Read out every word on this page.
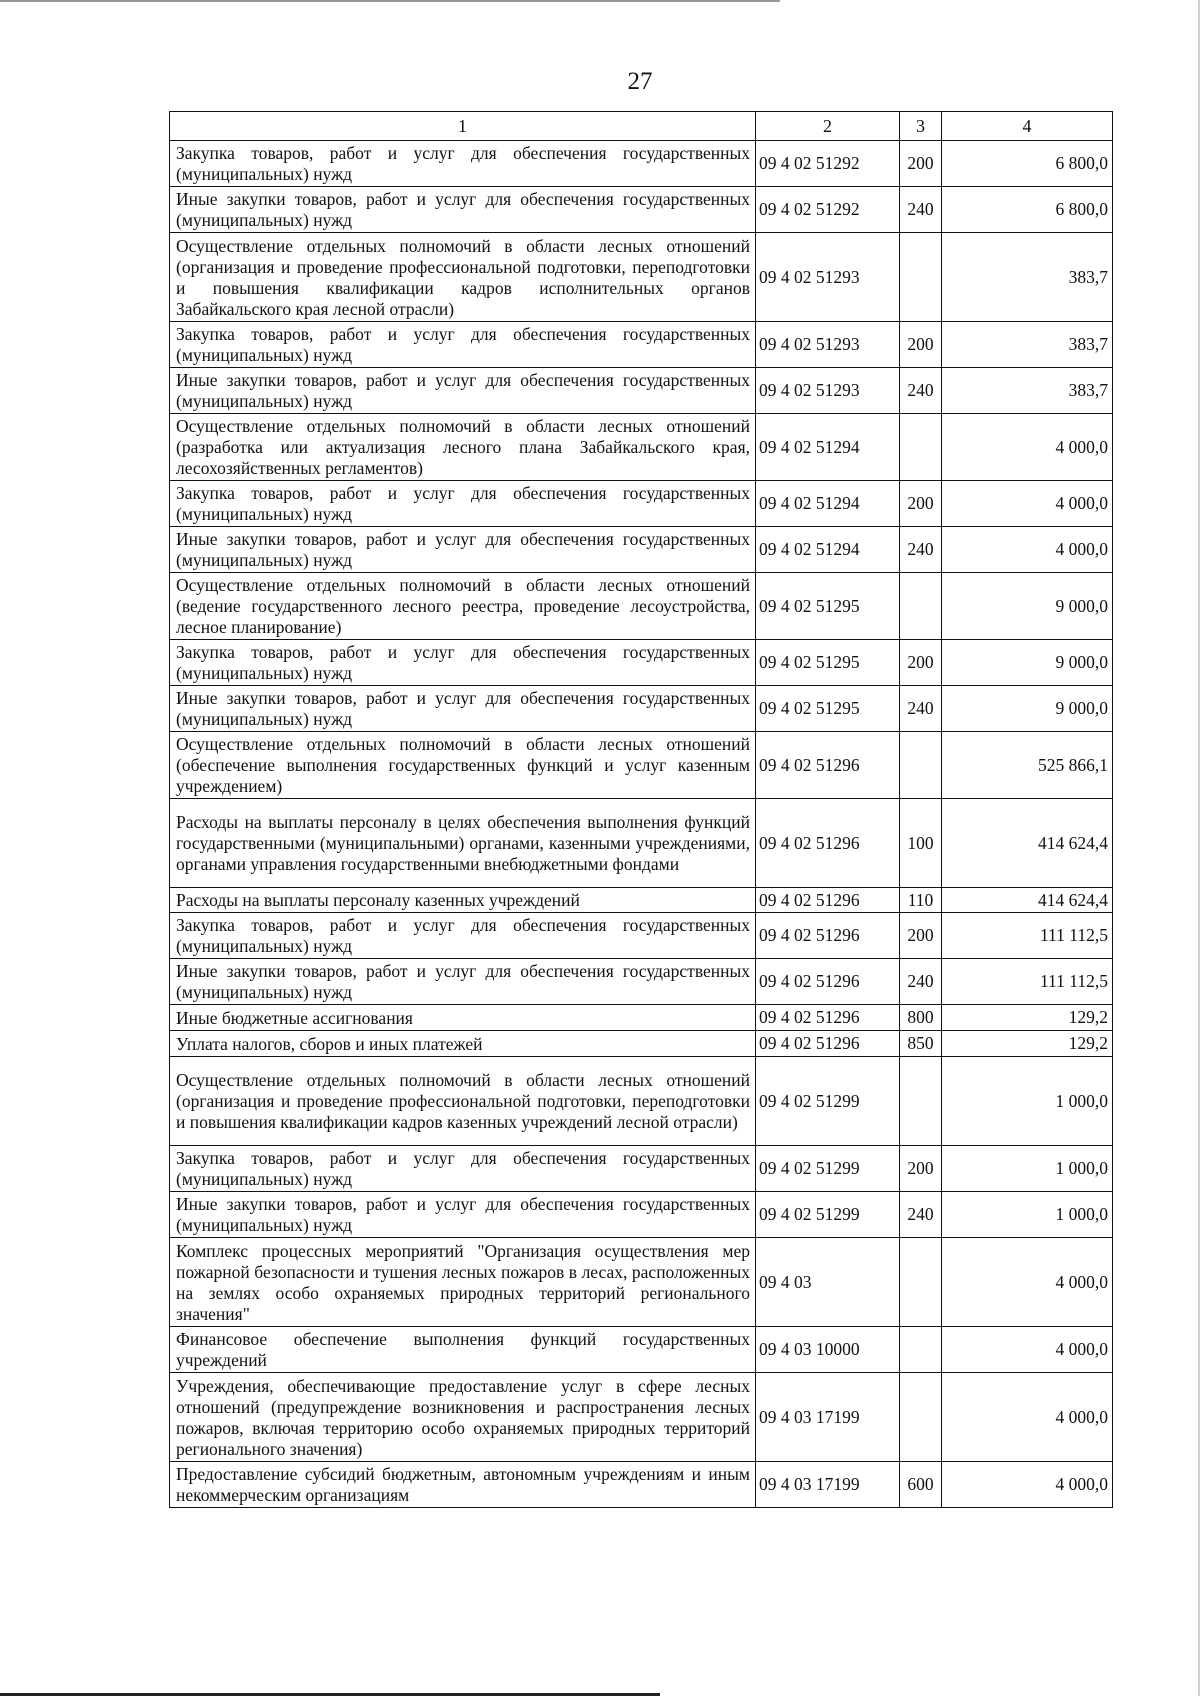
27
1	2	3	4
Закупка товаров, работ и услуг для обеспечения государственных (муниципальных) нужд	09 4 02 51292	200	6 800,0
Иные закупки товаров, работ и услуг для обеспечения государственных (муниципальных) нужд	09 4 02 51292	240	6 800,0
Осуществление отдельных полномочий в области лесных отношений (организация и проведение профессиональной подготовки, переподготовки и повышения квалификации кадров исполнительных органов Забайкальского края лесной отрасли)	09 4 02 51293		383,7
Закупка товаров, работ и услуг для обеспечения государственных (муниципальных) нужд	09 4 02 51293	200	383,7
Иные закупки товаров, работ и услуг для обеспечения государственных (муниципальных) нужд	09 4 02 51293	240	383,7
Осуществление отдельных полномочий в области лесных отношений (разработка или актуализация лесного плана Забайкальского края, лесохозяйственных регламентов)	09 4 02 51294		4 000,0
Закупка товаров, работ и услуг для обеспечения государственных (муниципальных) нужд	09 4 02 51294	200	4 000,0
Иные закупки товаров, работ и услуг для обеспечения государственных (муниципальных) нужд	09 4 02 51294	240	4 000,0
Осуществление отдельных полномочий в области лесных отношений (ведение государственного лесного реестра, проведение лесоустройства, лесное планирование)	09 4 02 51295		9 000,0
Закупка товаров, работ и услуг для обеспечения государственных (муниципальных) нужд	09 4 02 51295	200	9 000,0
Иные закупки товаров, работ и услуг для обеспечения государственных (муниципальных) нужд	09 4 02 51295	240	9 000,0
Осуществление отдельных полномочий в области лесных отношений (обеспечение выполнения государственных функций и услуг казенным учреждением)	09 4 02 51296		525 866,1
Расходы на выплаты персоналу в целях обеспечения выполнения функций государственными (муниципальными) органами, казенными учреждениями, органами управления государственными внебюджетными фондами	09 4 02 51296	100	414 624,4
Расходы на выплаты персоналу казенных учреждений	09 4 02 51296	110	414 624,4
Закупка товаров, работ и услуг для обеспечения государственных (муниципальных) нужд	09 4 02 51296	200	111 112,5
Иные закупки товаров, работ и услуг для обеспечения государственных (муниципальных) нужд	09 4 02 51296	240	111 112,5
Иные бюджетные ассигнования	09 4 02 51296	800	129,2
Уплата налогов, сборов и иных платежей	09 4 02 51296	850	129,2
Осуществление отдельных полномочий в области лесных отношений (организация и проведение профессиональной подготовки, переподготовки и повышения квалификации кадров казенных учреждений лесной отрасли)	09 4 02 51299		1 000,0
Закупка товаров, работ и услуг для обеспечения государственных (муниципальных) нужд	09 4 02 51299	200	1 000,0
Иные закупки товаров, работ и услуг для обеспечения государственных (муниципальных) нужд	09 4 02 51299	240	1 000,0
Комплекс процессных мероприятий "Организация осуществления мер пожарной безопасности и тушения лесных пожаров в лесах, расположенных на землях особо охраняемых природных территорий регионального значения"	09 4 03		4 000,0
Финансовое обеспечение выполнения функций государственных учреждений	09 4 03 10000		4 000,0
Учреждения, обеспечивающие предоставление услуг в сфере лесных отношений (предупреждение возникновения и распространения лесных пожаров, включая территорию особо охраняемых природных территорий регионального значения)	09 4 03 17199		4 000,0
Предоставление субсидий бюджетным, автономным учреждениям и иным некоммерческим организациям	09 4 03 17199	600	4 000,0
